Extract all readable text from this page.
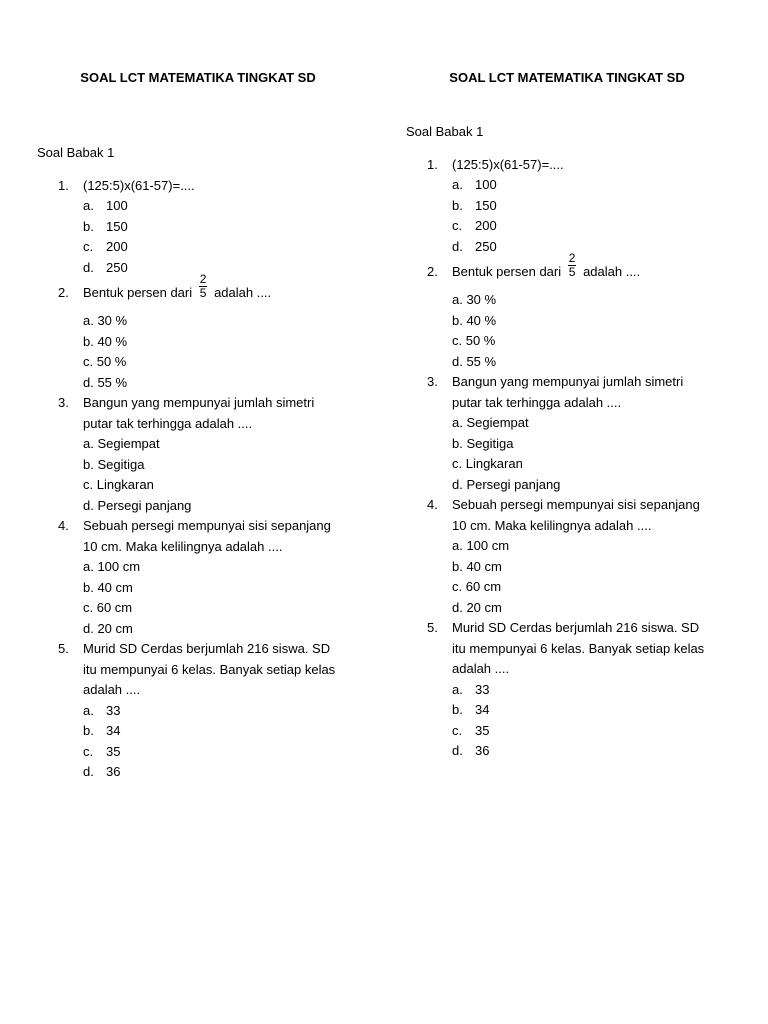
SOAL LCT MATEMATIKA TINGKAT SD
Soal Babak 1
1. (125:5)x(61-57)=....
a. 100
b. 150
c. 200
d. 250
2. Bentuk persen dari $\frac{2}{5}$ adalah ....
a. 30 %
b. 40 %
c. 50 %
d. 55 %
3. Bangun yang mempunyai jumlah simetri
putar tak terhingga adalah ....
a. Segiempat
b. Segitiga
c. Lingkaran
d. Persegi panjang
4. Sebuah persegi mempunyai sisi sepanjang
10 cm. Maka kelilingnya adalah ....
a. 100 cm
b. 40 cm
c. 60 cm
d. 20 cm
5. Murid SD Cerdas berjumlah 216 siswa. SD
itu mempunyai 6 kelas. Banyak setiap kelas
adalah ....
a. 33
b. 34
c. 35
d. 36
SOAL LCT MATEMATIKA TINGKAT SD
Soal Babak 1
1. (125:5)x(61-57)=....
a. 100
b. 150
c. 200
d. 250
2. Bentuk persen dari $\frac{2}{5}$ adalah ....
a. 30 %
b. 40 %
c. 50 %
d. 55 %
3. Bangun yang mempunyai jumlah simetri
putar tak terhingga adalah ....
a. Segiempat
b. Segitiga
c. Lingkaran
d. Persegi panjang
4. Sebuah persegi mempunyai sisi sepanjang
10 cm. Maka kelilingnya adalah ....
a. 100 cm
b. 40 cm
c. 60 cm
d. 20 cm
5. Murid SD Cerdas berjumlah 216 siswa. SD
itu mempunyai 6 kelas. Banyak setiap kelas
adalah ....
a. 33
b. 34
c. 35
d. 36
